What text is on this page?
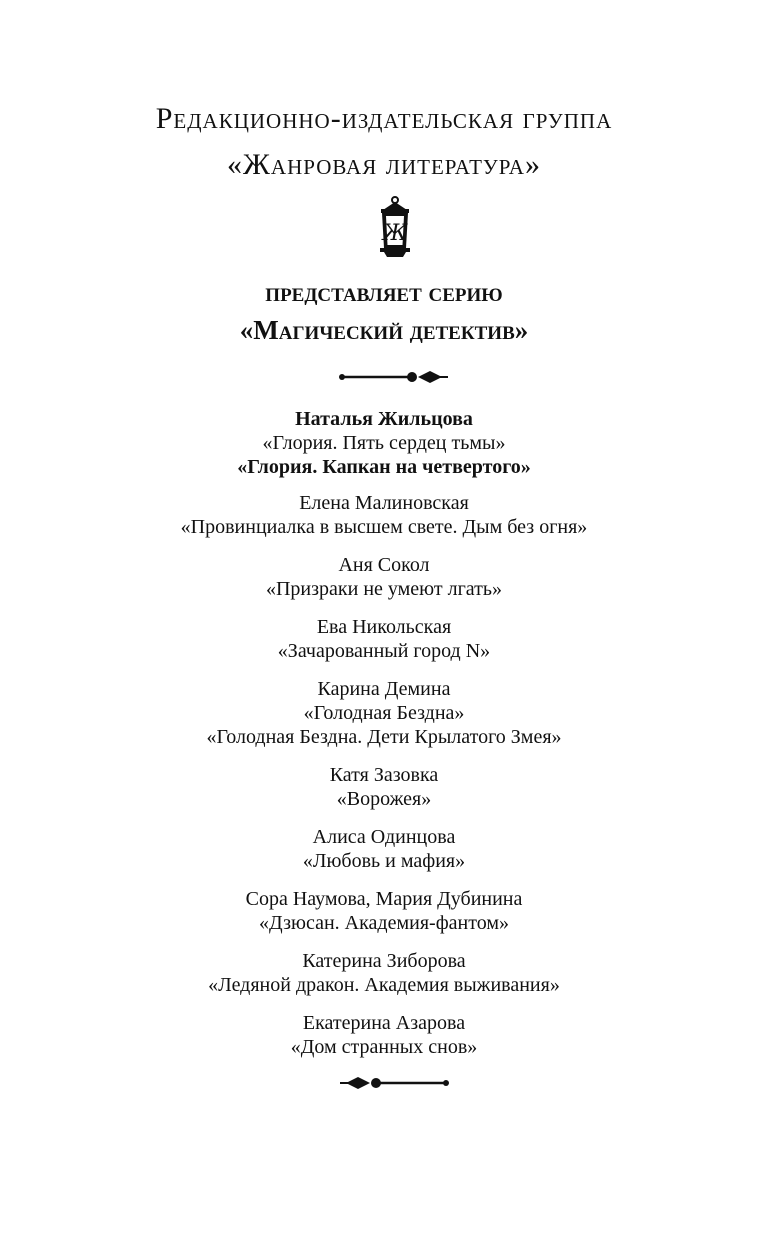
Редакционно-издательская группа
«Жанровая литература»
Ж
представляет серию
«Магический детектив»
Наталья Жильцова
«Глория. Пять сердец тьмы»
«Глория. Капкан на четвертого»
Елена Малиновская
«Провинциалка в высшем свете. Дым без огня»
Аня Сокол
«Призраки не умеют лгать»
Ева Никольская
«Зачарованный город N»
Карина Демина
«Голодная Бездна»
«Голодная Бездна. Дети Крылатого Змея»
Катя Зазовка
«Ворожея»
Алиса Одинцова
«Любовь и мафия»
Сора Наумова, Мария Дубинина
«Дзюсан. Академия-фантом»
Катерина Зиборова
«Ледяной дракон. Академия выживания»
Екатерина Азарова
«Дом странных снов»
